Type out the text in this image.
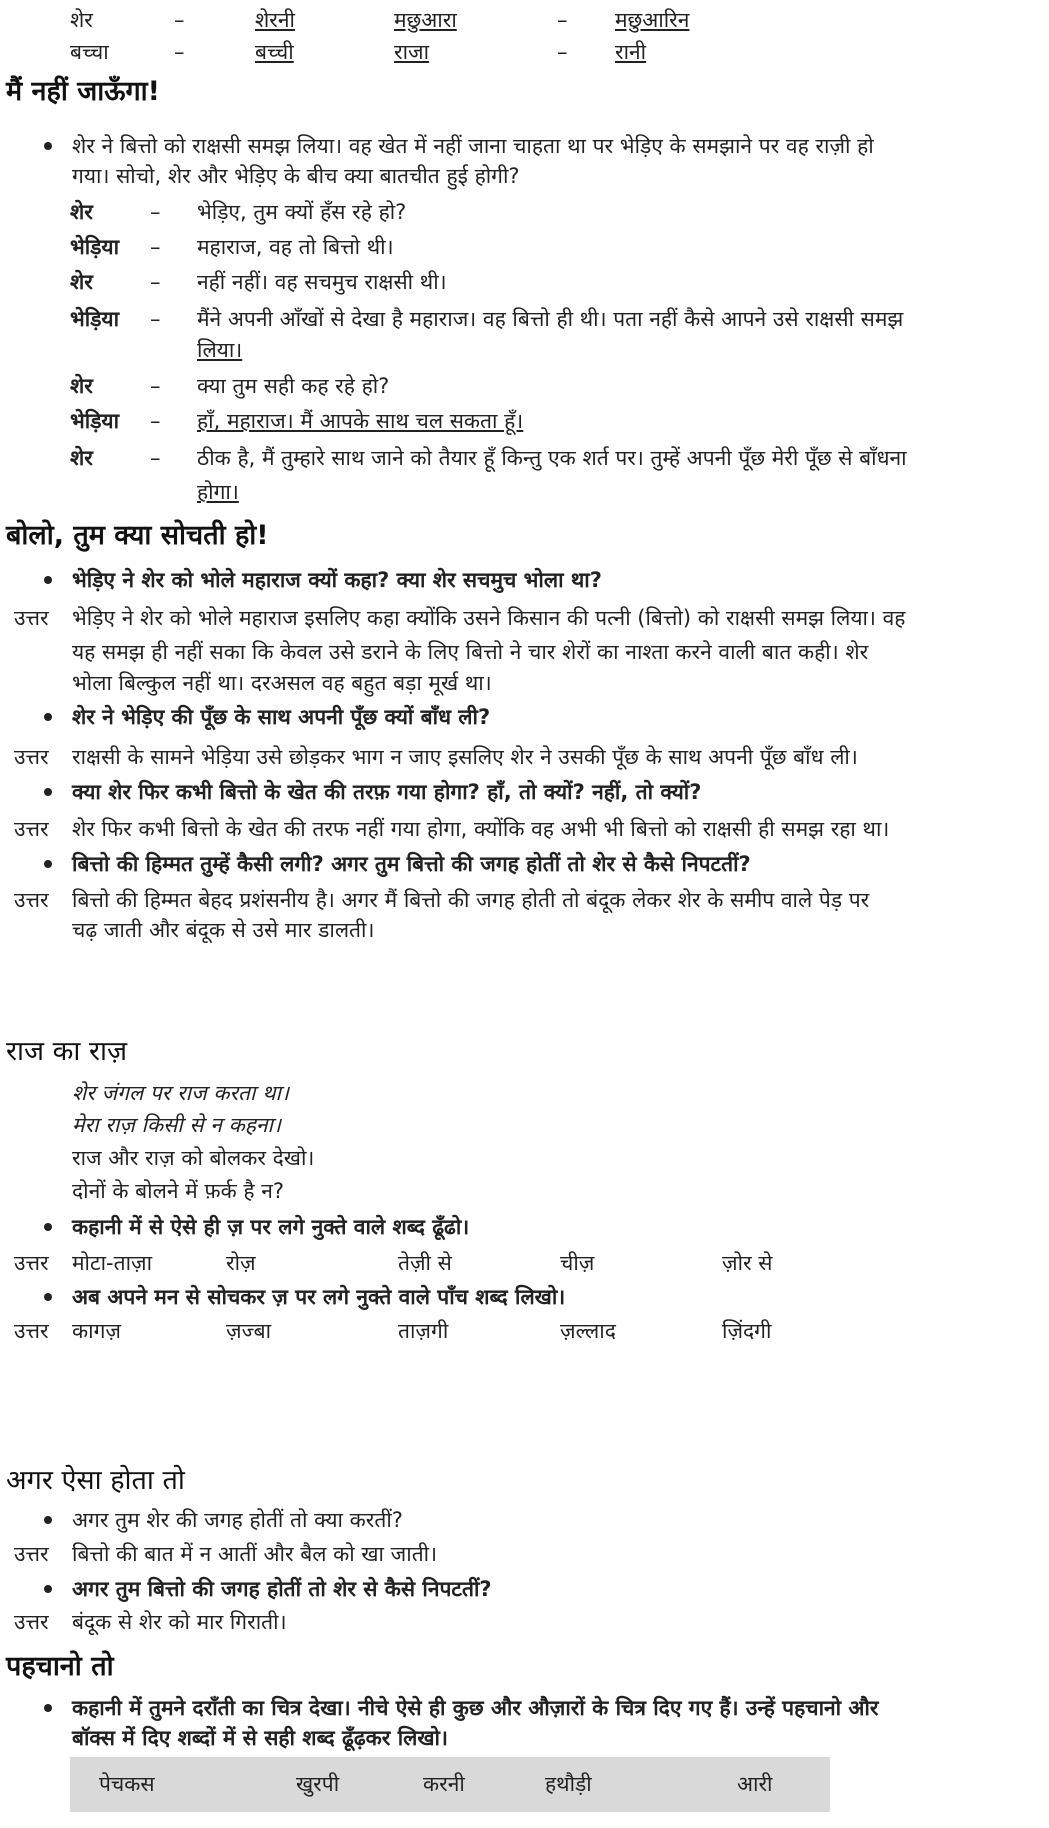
शेर	–	शेरनी	मछुआरा	– मछुआरिन
बच्चा	–	बच्ची	राजा	– रानी
मैं नहीं जाऊँगा!
शेर ने बित्तो को राक्षसी समझ लिया। वह खेत में नहीं जाना चाहता था पर भेड़िए के समझाने पर वह राज़ी हो
गया। सोचो, शेर और भेड़िए के बीच क्या बातचीत हुई होगी?
शेर	– भेड़िए, तुम क्यों हँस रहे हो?
भेड़िया – महाराज, वह तो बित्तो थी।
शेर	– नहीं नहीं। वह सचमुच राक्षसी थी।
भेड़िया – मैंने अपनी आँखों से देखा है महाराज। वह बित्तो ही थी। पता नहीं कैसे आपने उसे राक्षसी समझ
लिया।
शेर	– क्या तुम सही कह रहे हो?
भेड़िया – हाँ, महाराज। मैं आपके साथ चल सकता हूँ।
शेर	– ठीक है, मैं तुम्हारे साथ जाने को तैयार हूँ किन्तु एक शर्त पर। तुम्हें अपनी पूँछ मेरी पूँछ से बाँधना
होगा।
बोलो, तुम क्या सोचती हो!
भेड़िए ने शेर को भोले महाराज क्यों कहा? क्या शेर सचमुच भोला था?
उत्तर भेड़िए ने शेर को भोले महाराज इसलिए कहा क्योंकि उसने किसान की पत्नी (बित्तो) को राक्षसी समझ लिया। वह
यह समझ ही नहीं सका कि केवल उसे डराने के लिए बित्तो ने चार शेरों का नाश्ता करने वाली बात कही। शेर
भोला बिल्कुल नहीं था। दरअसल वह बहुत बड़ा मूर्ख था।
शेर ने भेड़िए की पूँछ के साथ अपनी पूँछ क्यों बाँध ली?
उत्तर राक्षसी के सामने भेड़िया उसे छोड़कर भाग न जाए इसलिए शेर ने उसकी पूँछ के साथ अपनी पूँछ बाँध ली।
क्या शेर फिर कभी बित्तो के खेत की तरफ़ गया होगा? हाँ, तो क्यों? नहीं, तो क्यों?
उत्तर शेर फिर कभी बित्तो के खेत की तरफ नहीं गया होगा, क्योंकि वह अभी भी बित्तो को राक्षसी ही समझ रहा था।
बित्तो की हिम्मत तुम्हें कैसी लगी? अगर तुम बित्तो की जगह होतीं तो शेर से कैसे निपटतीं?
उत्तर बित्तो की हिम्मत बेहद प्रशंसनीय है। अगर मैं बित्तो की जगह होती तो बंदूक लेकर शेर के समीप वाले पेड़ पर
चढ़ जाती और बंदूक से उसे मार डालती।
राज का राज़
शेर जंगल पर राज करता था।
मेरा राज़ किसी से न कहना।
राज और राज़ को बोलकर देखो।
दोनों के बोलने में फ़र्क है न?
कहानी में से ऐसे ही ज़ पर लगे नुक्ते वाले शब्द ढूँढो।
उत्तर मोटा-ताज़ा	रोज़	तेज़ी से	चीज़	ज़ोर से
अब अपने मन से सोचकर ज़ पर लगे नुक्ते वाले पाँच शब्द लिखो।
उत्तर कागज़	ज़ज्बा	ताज़गी	ज़ल्लाद	ज़िंदगी
अगर ऐसा होता तो
अगर तुम शेर की जगह होतीं तो क्या करतीं?
उत्तर बित्तो की बात में न आतीं और बैल को खा जाती।
अगर तुम बित्तो की जगह होतीं तो शेर से कैसे निपटतीं?
उत्तर बंदूक से शेर को मार गिराती।
पहचानो तो
कहानी में तुमने दराँती का चित्र देखा। नीचे ऐसे ही कुछ और औज़ारों के चित्र दिए गए हैं। उन्हें पहचानो और
बॉक्स में दिए शब्दों में से सही शब्द ढूँढ़कर लिखो।
पेचकस	खुरपी	करनी	हथौड़ी	आरी
